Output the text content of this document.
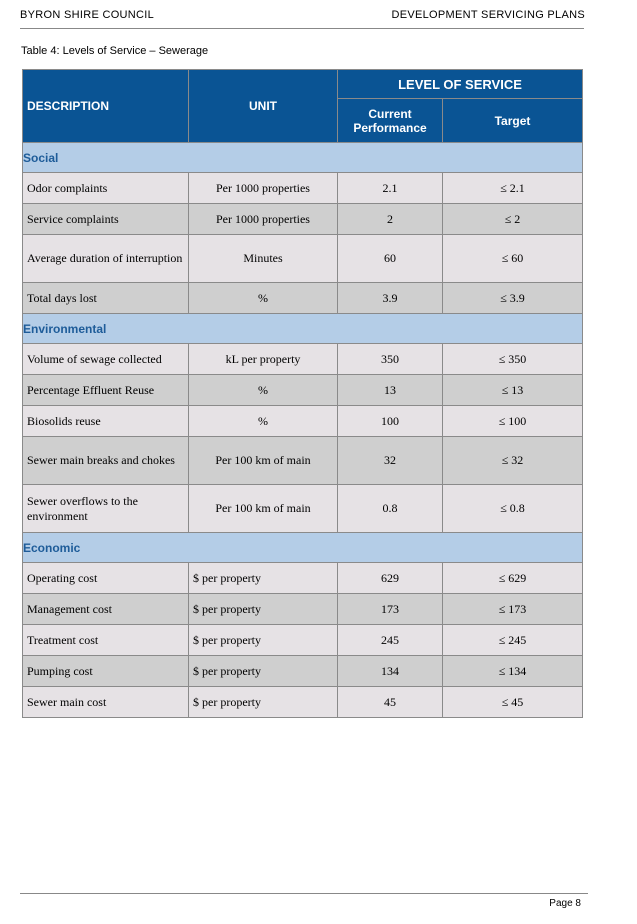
BYRON SHIRE COUNCIL	DEVELOPMENT SERVICING PLANS
Table 4: Levels of Service – Sewerage
DESCRIPTION	UNIT	LEVEL OF SERVICE	
		Current Performance	Target
Social			
Odor complaints	Per 1000 properties	2.1	≤ 2.1
Service complaints	Per 1000 properties	2	≤ 2
Average duration of interruption	Minutes	60	≤ 60
Total days lost	%	3.9	≤ 3.9
Environmental			
Volume of sewage collected	kL per property	350	≤ 350
Percentage Effluent Reuse	%	13	≤ 13
Biosolids reuse	%	100	≤ 100
Sewer main breaks and chokes	Per 100 km of main	32	≤ 32
Sewer overflows to the environment	Per 100 km of main	0.8	≤ 0.8
Economic			
Operating cost	$ per property	629	≤ 629
Management cost	$ per property	173	≤ 173
Treatment cost	$ per property	245	≤ 245
Pumping cost	$ per property	134	≤ 134
Sewer main cost	$ per property	45	≤ 45
Page 8
